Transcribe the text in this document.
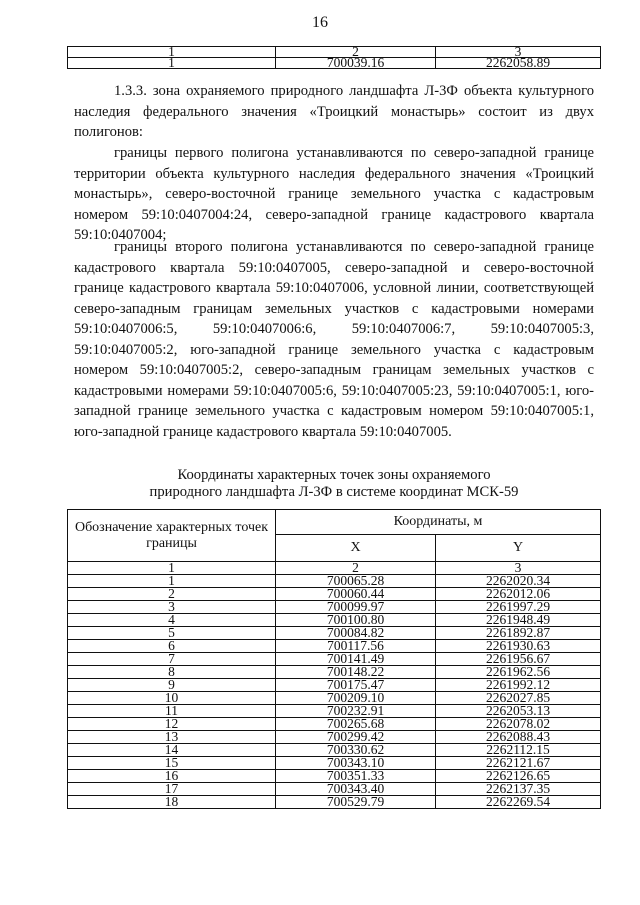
16
1	2	3
1	700039.16	2262058.89

1.3.3. зона охраняемого природного ландшафта Л-3Ф объекта культурного наследия федерального значения «Троицкий монастырь» состоит из двух полигонов:

границы первого полигона устанавливаются по северо-западной границе территории объекта культурного наследия федерального значения «Троицкий монастырь», северо-восточной границе земельного участка с кадастровым номером 59:10:0407004:24, северо-западной границе кадастрового квартала 59:10:0407004;

границы второго полигона устанавливаются по северо-западной границе кадастрового квартала 59:10:0407005, северо-западной и северо-восточной границе кадастрового квартала 59:10:0407006, условной линии, соответствующей северо-западным границам земельных участков с кадастровыми номерами 59:10:0407006:5, 59:10:0407006:6, 59:10:0407006:7, 59:10:0407005:3, 59:10:0407005:2, юго-западной границе земельного участка с кадастровым номером 59:10:0407005:2, северо-западным границам земельных участков с кадастровыми номерами 59:10:0407005:6, 59:10:0407005:23, 59:10:0407005:1, юго-западной границе земельного участка с кадастровым номером 59:10:0407005:1, юго-западной границе кадастрового квартала 59:10:0407005.

Координаты характерных точек зоны охраняемого
природного ландшафта Л-3Ф в системе координат МСК-59
Обозначение характерных точек границы	Координаты, м	
	X	Y
1	2	3
1	700065.28	2262020.34
2	700060.44	2262012.06
3	700099.97	2261997.29
4	700100.80	2261948.49
5	700084.82	2261892.87
6	700117.56	2261930.63
7	700141.49	2261956.67
8	700148.22	2261962.56
9	700175.47	2261992.12
10	700209.10	2262027.85
11	700232.91	2262053.13
12	700265.68	2262078.02
13	700299.42	2262088.43
14	700330.62	2262112.15
15	700343.10	2262121.67
16	700351.33	2262126.65
17	700343.40	2262137.35
18	700529.79	2262269.54
